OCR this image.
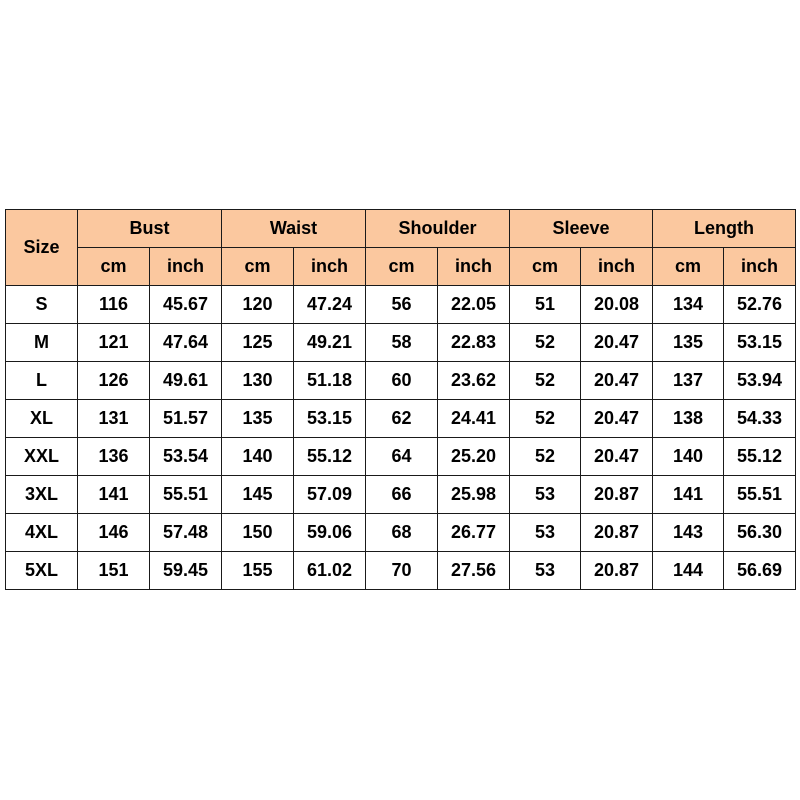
Size	Bust		Waist		Shoulder		Sleeve		Length	
	cm	inch	cm	inch	cm	inch	cm	inch	cm	inch
S	116	45.67	120	47.24	56	22.05	51	20.08	134	52.76
M	121	47.64	125	49.21	58	22.83	52	20.47	135	53.15
L	126	49.61	130	51.18	60	23.62	52	20.47	137	53.94
XL	131	51.57	135	53.15	62	24.41	52	20.47	138	54.33
XXL	136	53.54	140	55.12	64	25.20	52	20.47	140	55.12
3XL	141	55.51	145	57.09	66	25.98	53	20.87	141	55.51
4XL	146	57.48	150	59.06	68	26.77	53	20.87	143	56.30
5XL	151	59.45	155	61.02	70	27.56	53	20.87	144	56.69
